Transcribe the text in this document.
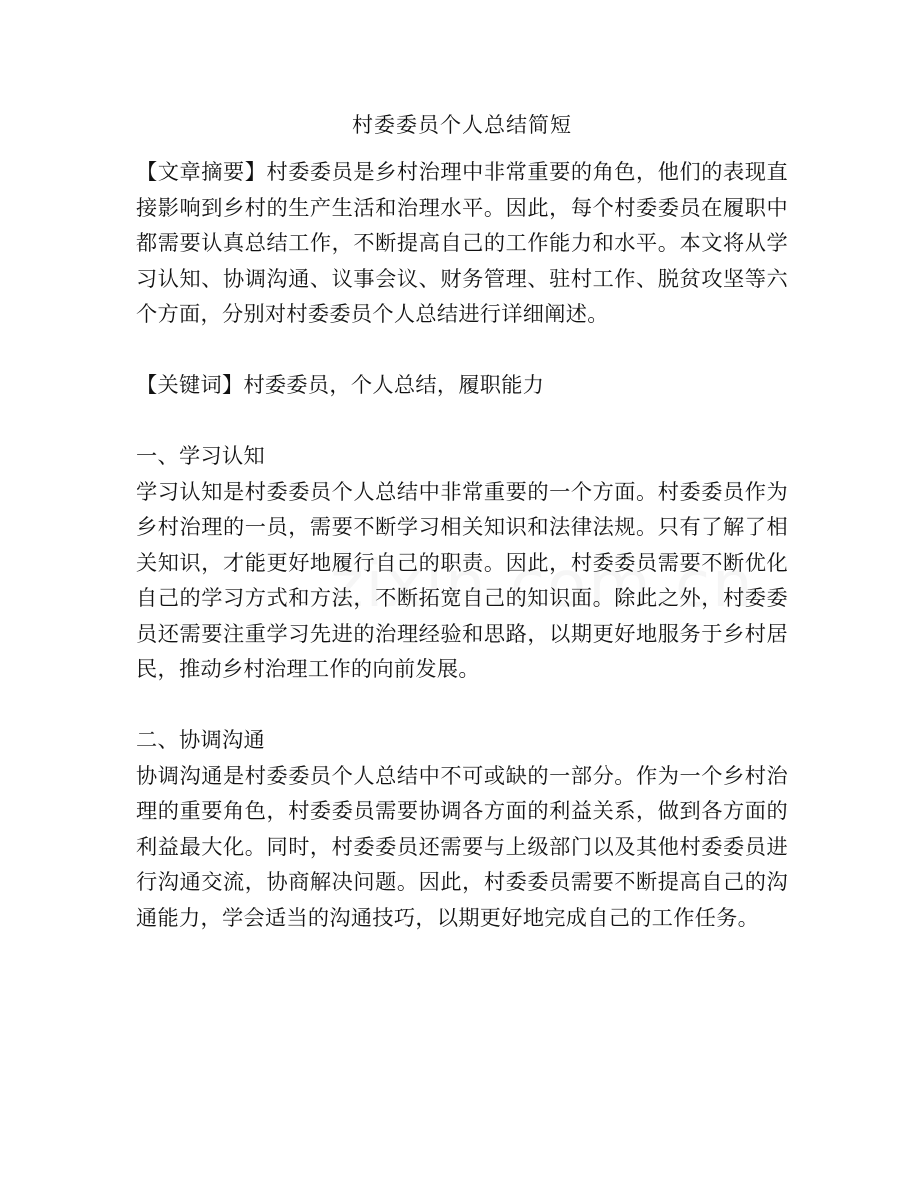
村委委员个人总结简短

【文章摘要】村委委员是乡村治理中非常重要的角色，他们的表现直接影响到乡村的生产生活和治理水平。因此，每个村委委员在履职中都需要认真总结工作，不断提高自己的工作能力和水平。本文将从学习认知、协调沟通、议事会议、财务管理、驻村工作、脱贫攻坚等六个方面，分别对村委委员个人总结进行详细阐述。

【关键词】村委委员，个人总结，履职能力

一、学习认知

学习认知是村委委员个人总结中非常重要的一个方面。村委委员作为乡村治理的一员，需要不断学习相关知识和法律法规。只有了解了相关知识，才能更好地履行自己的职责。因此，村委委员需要不断优化自己的学习方式和方法，不断拓宽自己的知识面。除此之外，村委委员还需要注重学习先进的治理经验和思路，以期更好地服务于乡村居民，推动乡村治理工作的向前发展。

二、协调沟通

协调沟通是村委委员个人总结中不可或缺的一部分。作为一个乡村治理的重要角色，村委委员需要协调各方面的利益关系，做到各方面的利益最大化。同时，村委委员还需要与上级部门以及其他村委委员进行沟通交流，协商解决问题。因此，村委委员需要不断提高自己的沟通能力，学会适当的沟通技巧，以期更好地完成自己的工作任务。
